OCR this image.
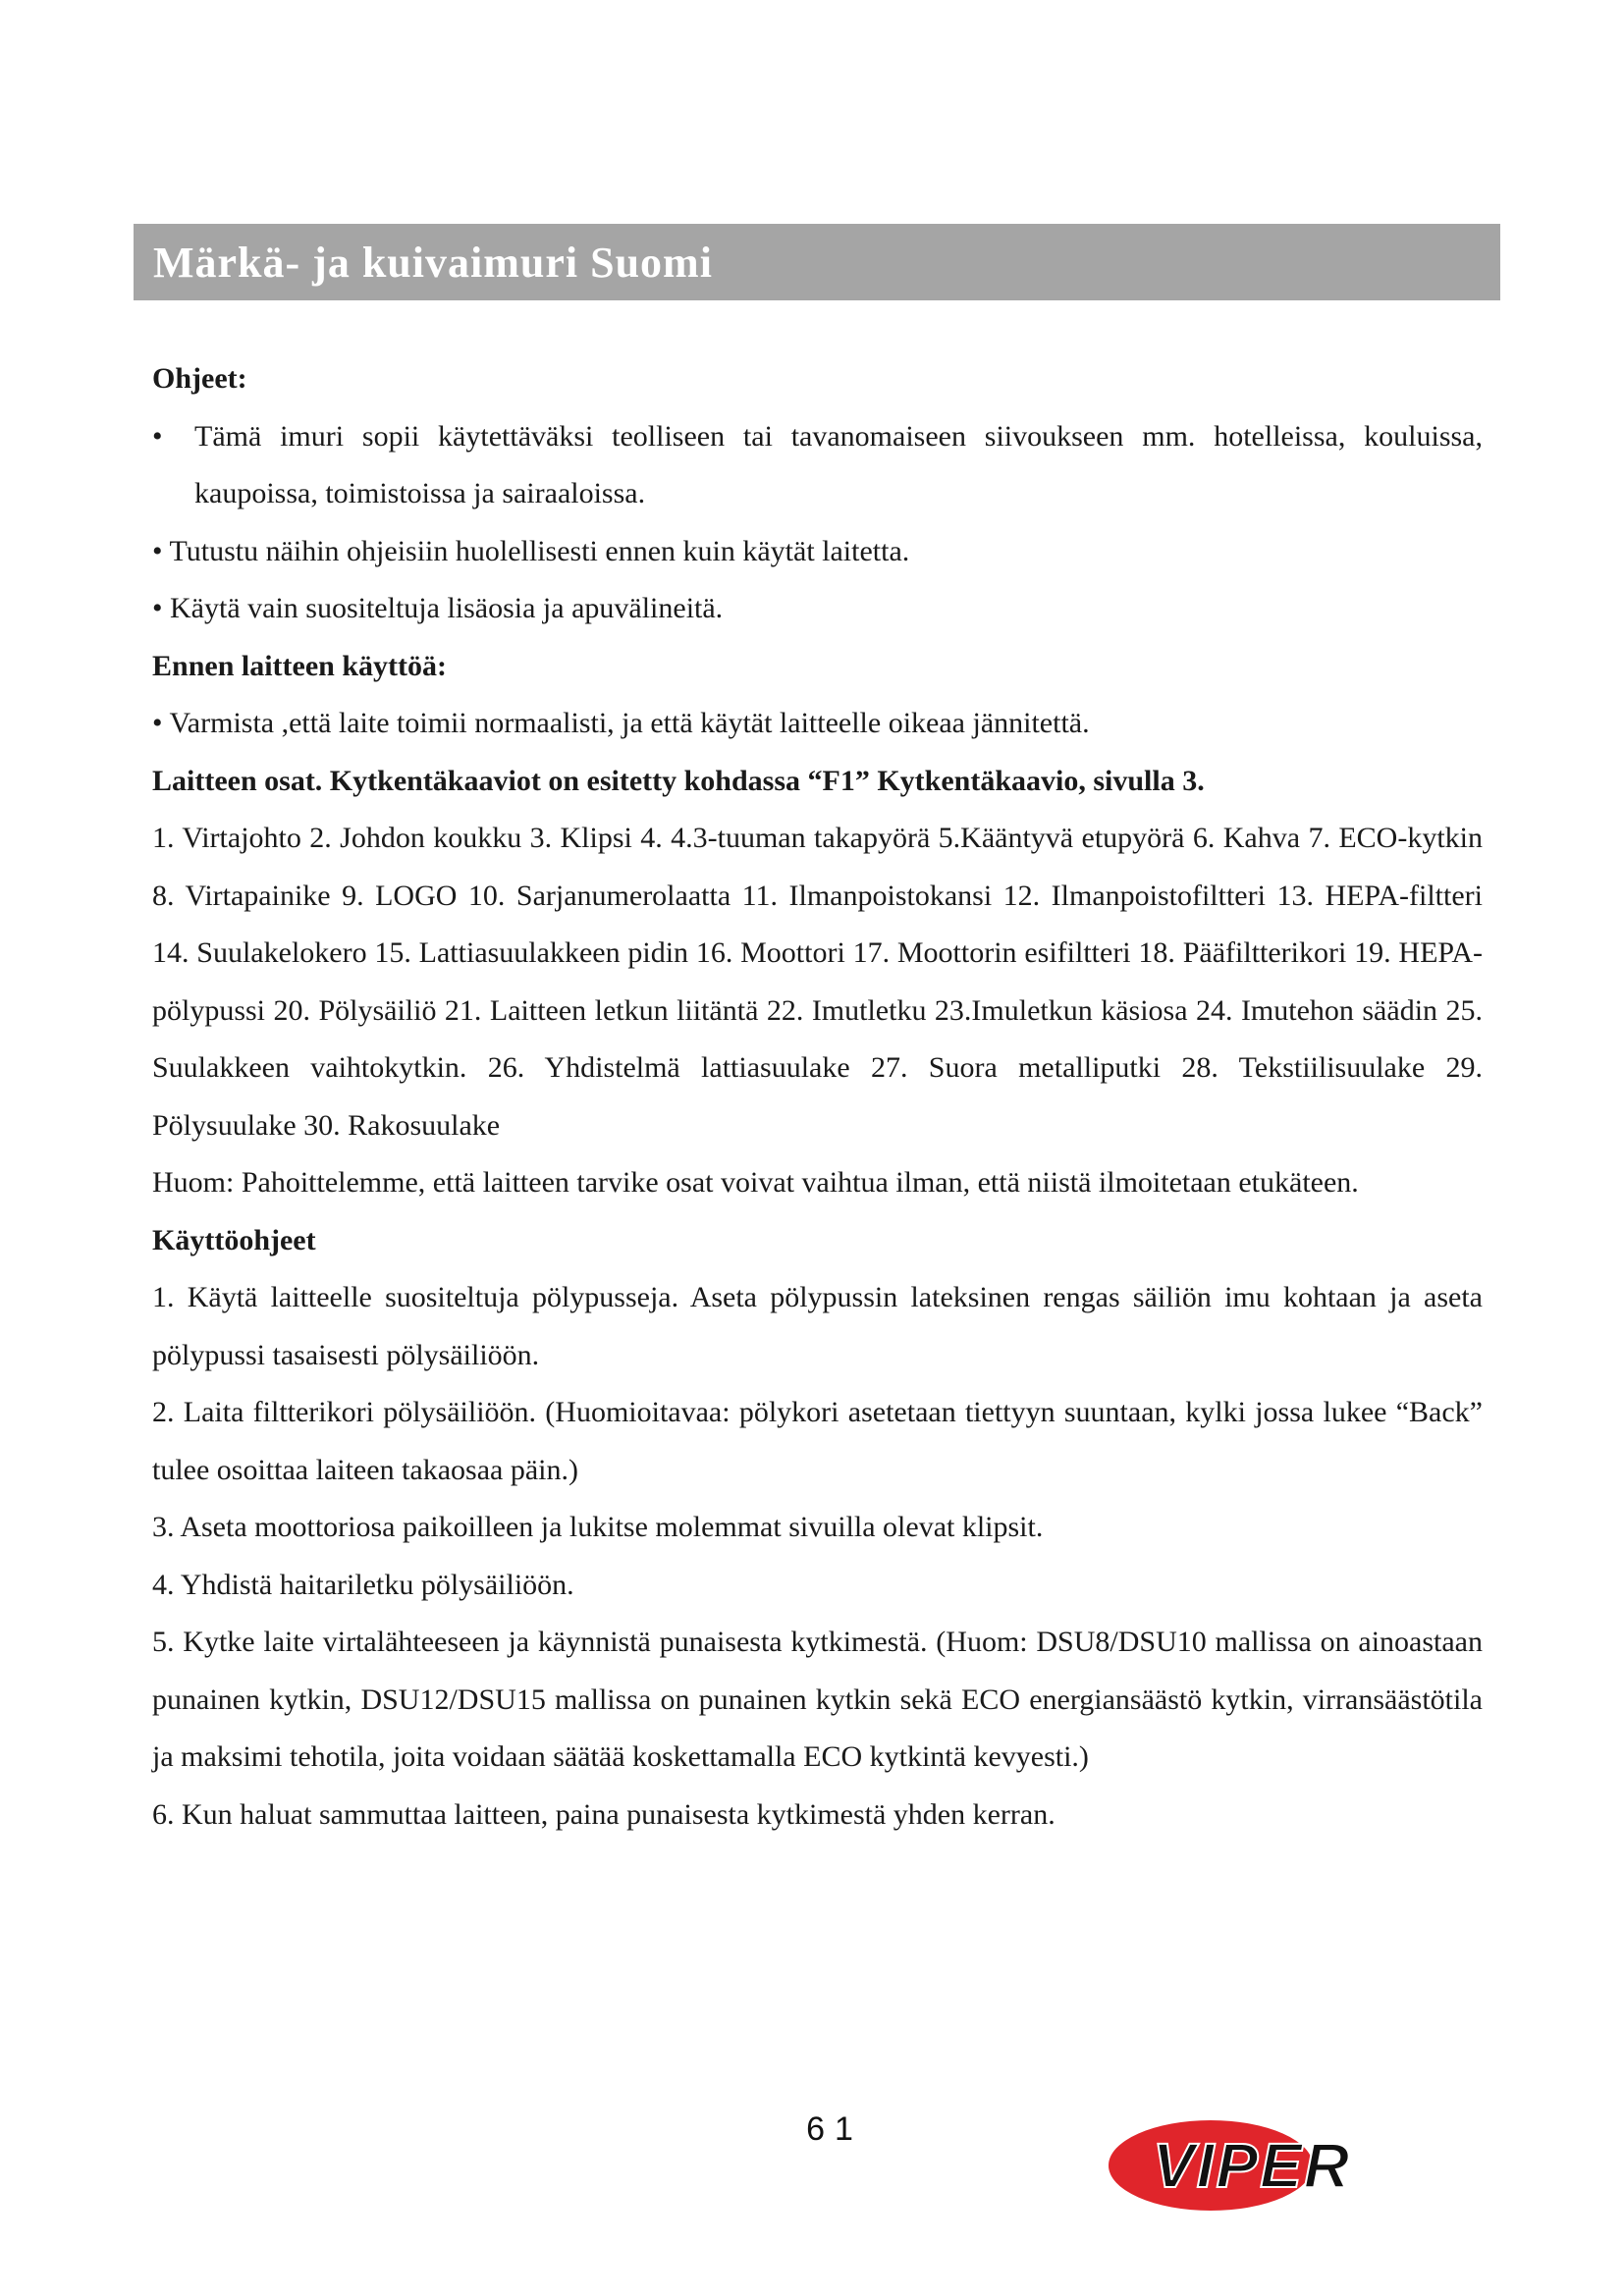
Märkä- ja kuivaimuri Suomi

Ohjeet:

• Tämä imuri sopii käytettäväksi teolliseen tai tavanomaiseen siivoukseen mm. hotelleissa, kouluissa, kaupoissa, toimistoissa ja sairaaloissa.

• Tutustu näihin ohjeisiin huolellisesti ennen kuin käytät laitetta.

• Käytä vain suositeltuja lisäosia ja apuvälineitä.

Ennen laitteen käyttöä:

• Varmista ,että laite toimii normaalisti, ja että käytät laitteelle oikeaa jännitettä.

Laitteen osat. Kytkentäkaaviot on esitetty kohdassa “F1” Kytkentäkaavio, sivulla 3.

1. Virtajohto 2. Johdon koukku 3. Klipsi 4. 4.3-tuuman takapyörä 5.Kääntyvä etupyörä 6. Kahva 7. ECO-kytkin 8. Virtapainike 9. LOGO 10. Sarjanumerolaatta 11. Ilmanpoistokansi 12. Ilmanpoistofiltteri 13. HEPA-filtteri 14. Suulakelokero 15. Lattiasuulakkeen pidin 16. Moottori 17. Moottorin esifiltteri 18. Pääfiltterikori 19. HEPA- pölypussi 20. Pölysäiliö 21. Laitteen letkun liitäntä 22. Imutletku 23.Imuletkun käsiosa 24. Imutehon säädin 25. Suulakkeen vaihtokytkin. 26. Yhdistelmä lattiasuulake 27. Suora metalliputki 28. Tekstiilisuulake 29. Pölysuulake 30. Rakosuulake

Huom: Pahoittelemme, että laitteen tarvike osat voivat vaihtua ilman, että niistä ilmoitetaan etukäteen.

Käyttöohjeet

1. Käytä laitteelle suositeltuja pölypusseja. Aseta pölypussin lateksinen rengas säiliön imu kohtaan ja aseta pölypussi tasaisesti pölysäiliöön.

2. Laita filtterikori pölysäiliöön. (Huomioitavaa: pölykori asetetaan tiettyyn suuntaan, kylki jossa lukee “Back” tulee osoittaa laiteen takaosaa päin.)

3. Aseta moottoriosa paikoilleen ja lukitse molemmat sivuilla olevat klipsit.

4. Yhdistä haitariletku pölysäiliöön.

5. Kytke laite virtalähteeseen ja käynnistä punaisesta kytkimestä. (Huom: DSU8/DSU10 mallissa on ainoastaan punainen kytkin, DSU12/DSU15 mallissa on punainen kytkin sekä ECO energiansäästö kytkin, virransäästötila ja maksimi tehotila, joita voidaan säätää koskettamalla ECO kytkintä kevyesti.)

6. Kun haluat sammuttaa laitteen, paina punaisesta kytkimestä yhden kerran.

61
VIPER
